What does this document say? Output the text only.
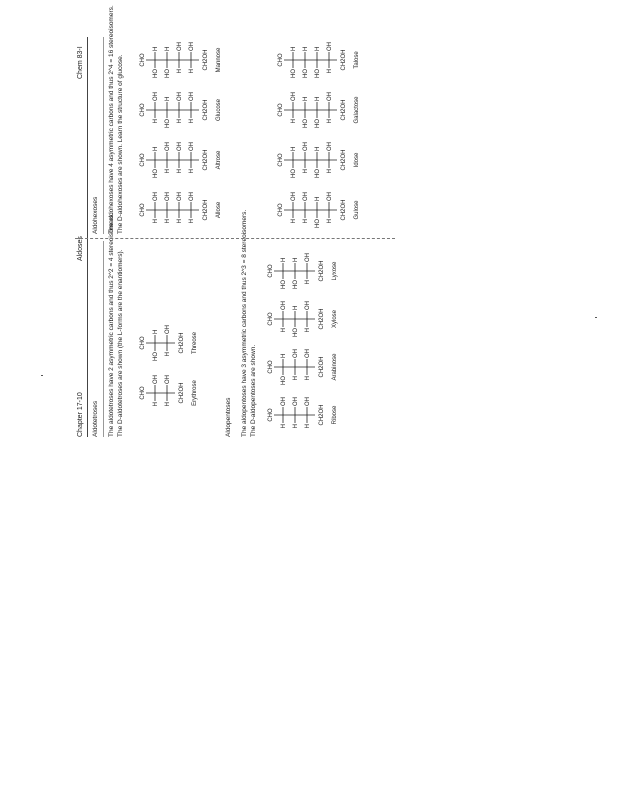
Chapter 17-10
Aldoses
Chem 83-I
Aldotetroses The aldotetroses have 2 asymmetric carbons and thus 2^2 = 4 stereoisomers. The D-aldotetroses are shown (the L-forms are the enantiomers).	CHO
H
OH
H
OH
CH2OH Erythrose
CHO
HO
H
H
OH
CH2OH Threose
Aldopentoses The aldopentoses have 3 asymmetric carbons and thus 2^3 = 8 stereoisomers. The D-aldopentoses are shown. CHO
H
OH
H
OH
H
OH
CH2OH Ribose
CHO
HO
H
H
OH
H
OH
CH2OH Arabinose
CHO
H
OH
HO
H
H
OH
CH2OH Xylose
CHO
HO
H
HO
H
H
OH
CH2OH Lyxose
Aldohexoses The aldohexoses have 4 asymmetric carbons and thus 2^4 = 16 stereoisomers. The D-aldohexoses are shown. Learn the structure of glucose.	CHO
H
OH
H
OH
H
OH
H
OH
CH2OH Allose
CHO
HO
H
H
OH
H
OH
H
OH
CH2OH Altrose
CHO
H
OH
HO
H
H
OH
H
OH
CH2OH Glucose
CHO
HO
H
HO
H
H
OH
H
OH
CH2OH Mannose
CHO
H
OH
H
OH
HO
H
H
OH
CH2OH Gulose
CHO
HO
H
H
OH
HO
H
H
OH
CH2OH Idose
CHO
H
OH
HO
H
HO
H
H
OH
CH2OH Galactose
CHO
HO
H
HO
H
HO
H
H
OH
CH2OH Talose
